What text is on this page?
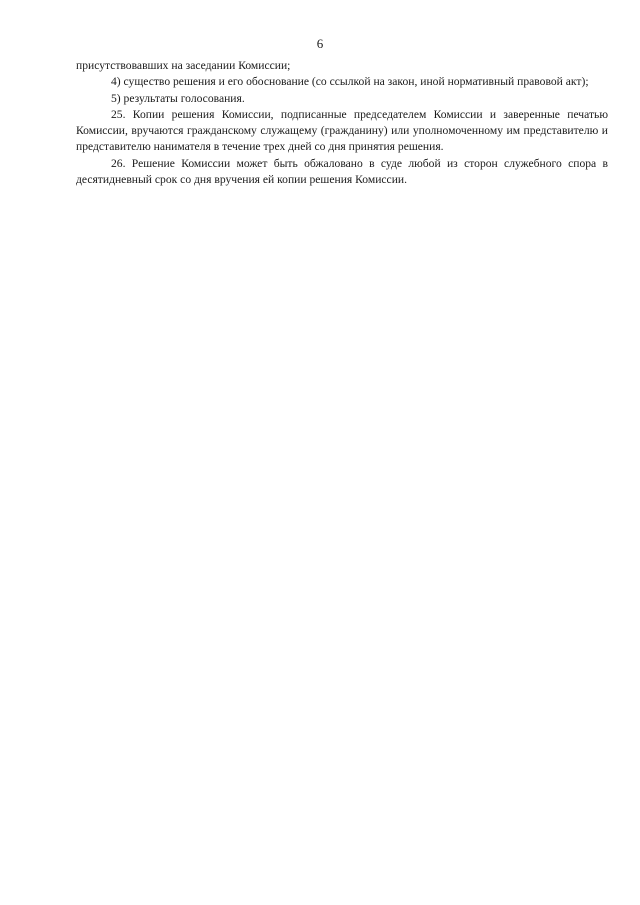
6

присутствовавших на заседании Комиссии;

4) существо решения и его обоснование (со ссылкой на закон, иной нормативный правовой акт);

5) результаты голосования.

25. Копии решения Комиссии, подписанные председателем Комиссии и заверенные печатью Комиссии, вручаются гражданскому служащему (гражданину) или уполномоченному им представителю и представителю нанимателя в течение трех дней со дня принятия решения.

26. Решение Комиссии может быть обжаловано в суде любой из сторон служебного спора в десятидневный срок со дня вручения ей копии решения Комиссии.
